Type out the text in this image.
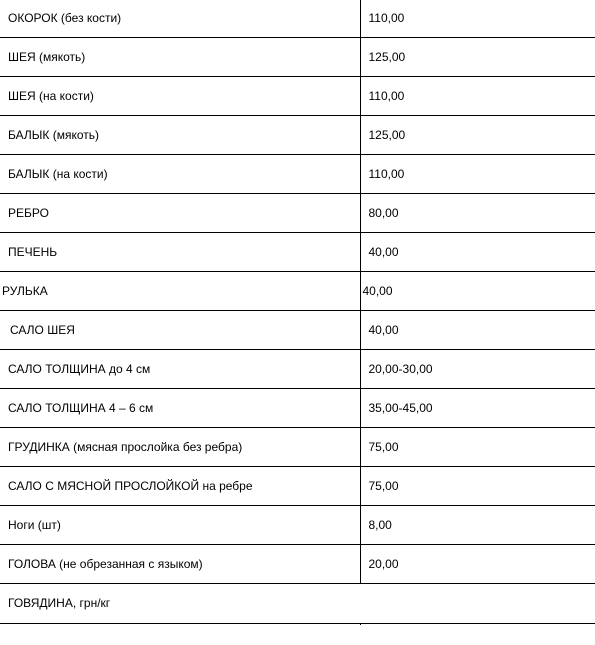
ОКОРОК (без кости)	110,00
ШЕЯ (мякоть)	125,00
ШЕЯ (на кости)	110,00
БАЛЫК (мякоть)	125,00
БАЛЫК (на кости)	110,00
РЕБРО	80,00
ПЕЧЕНЬ	40,00
РУЛЬКА	40,00
САЛО ШЕЯ	40,00
САЛО ТОЛЩИНА до 4 см	20,00-30,00
САЛО ТОЛЩИНА 4 – 6 см	35,00-45,00
ГРУДИНКА (мясная прослойка без ребра)	75,00
САЛО С МЯСНОЙ ПРОСЛОЙКОЙ на ребре	75,00
Ноги (шт)	8,00
ГОЛОВА (не обрезанная с языком)	20,00
ГОВЯДИНА, грн/кг	
